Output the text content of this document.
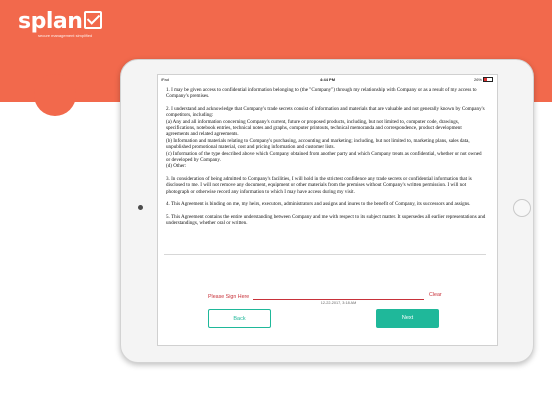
splan
secure management simplified
iPad	4:44 PM	26%

1. I may be given access to confidential information belonging to (the "Company") through my relationship with Company or as a result of my access to Company's premises.

2. I understand and acknowledge that Company's trade secrets consist of information and materials that are valuable and not generally known by Company's competitors, including:
(a) Any and all information concerning Company's current, future or proposed products, including, but not limited to, computer code, drawings, specifications, notebook entries, technical notes and graphs, computer printouts, technical memoranda and correspondence, product development agreements and related agreements.
(b) Information and materials relating to Company's purchasing, accounting and marketing; including, but not limited to, marketing plans, sales data, unpublished promotional material, cost and pricing information and customer lists.
(c) Information of the type described above which Company obtained from another party and which Company treats as confidential, whether or not owned or developed by Company.
(d) Other:

3. In consideration of being admitted to Company's facilities, I will hold in the strictest confidence any trade secrets or confidential information that is disclosed to me. I will not remove any document, equipment or other materials from the premises without Company's written permission. I will not photograph or otherwise record any information to which I may have access during my visit.

4. This Agreement is binding on me, my heirs, executors, administrators and assigns and inures to the benefit of Company, its successors and assigns.

5. This Agreement contains the entire understanding between Company and me with respect to its subject matter. It supersedes all earlier representations and understandings, whether oral or written.

Please Sign Here
12-22-2017, 3:18 AM
Clear
Back	Next
